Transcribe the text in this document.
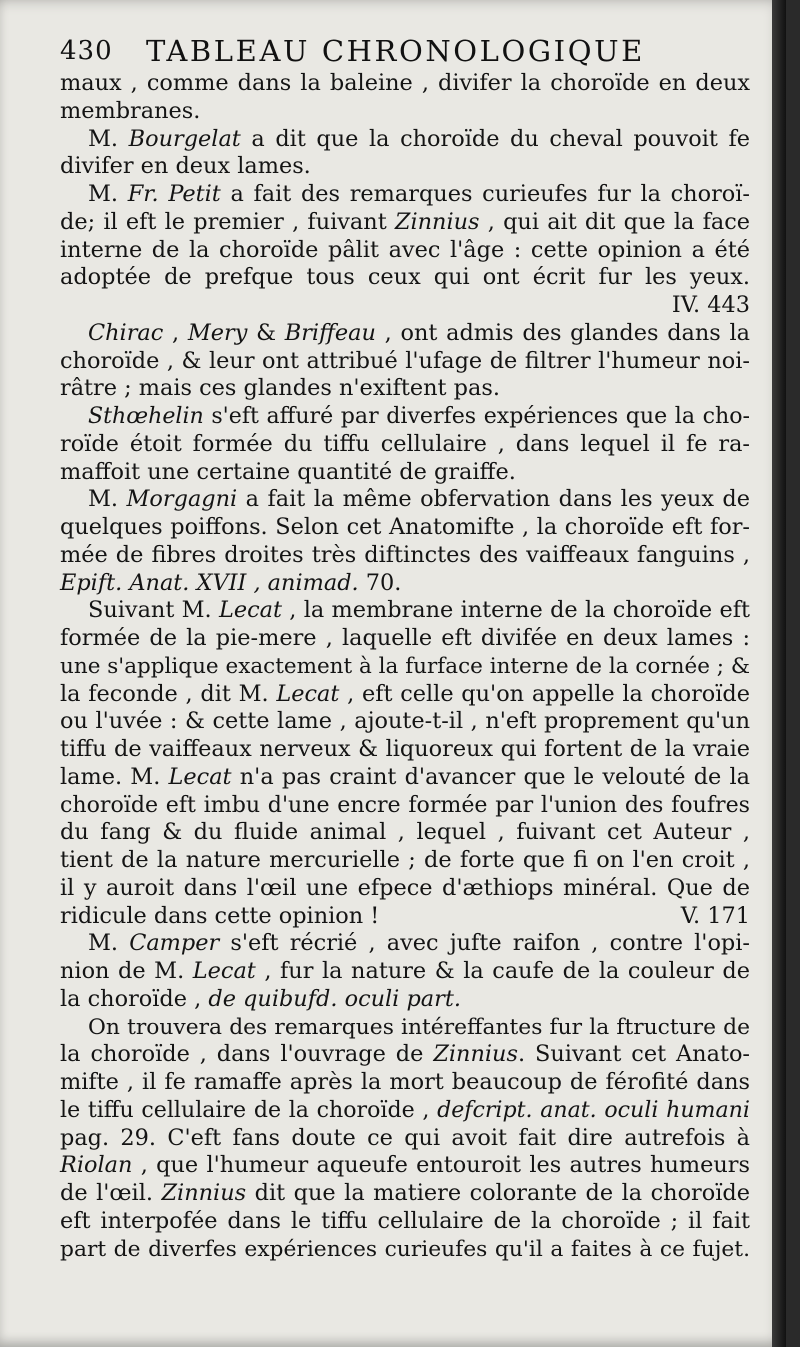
430 TABLEAU CHRONOLOGIQUE
maux , comme dans la baleine , divifer la choroïde en deux
membranes.
M. Bourgelat a dit que la choroïde du cheval pouvoit fe
divifer en deux lames.
M. Fr. Petit a fait des remarques curieufes fur la choroï-
de; il eft le premier , fuivant Zinnius , qui ait dit que la face
interne de la choroïde pâlit avec l'âge : cette opinion a été
adoptée de prefque tous ceux qui ont écrit fur les yeux.
IV. 443
Chirac , Mery & Briffeau , ont admis des glandes dans la
choroïde , & leur ont attribué l'ufage de filtrer l'humeur noi-
râtre ; mais ces glandes n'exiftent pas.
Sthœhelin s'eft affuré par diverfes expériences que la cho-
roïde étoit formée du tiffu cellulaire , dans lequel il fe ra-
maffoit une certaine quantité de graiffe.
M. Morgagni a fait la même obfervation dans les yeux de
quelques poiffons. Selon cet Anatomifte , la choroïde eft for-
mée de fibres droites très diftinctes des vaiffeaux fanguins ,
Epift. Anat. XVII , animad. 70.
Suivant M. Lecat , la membrane interne de la choroïde eft
formée de la pie-mere , laquelle eft divifée en deux lames :
une s'applique exactement à la furface interne de la cornée ; &
la feconde , dit M. Lecat , eft celle qu'on appelle la choroïde
ou l'uvée : & cette lame , ajoute-t-il , n'eft proprement qu'un
tiffu de vaiffeaux nerveux & liquoreux qui fortent de la vraie
lame. M. Lecat n'a pas craint d'avancer que le velouté de la
choroïde eft imbu d'une encre formée par l'union des foufres
du fang & du fluide animal , lequel , fuivant cet Auteur ,
tient de la nature mercurielle ; de forte que fi on l'en croit ,
il y auroit dans l'œil une efpece d'æthiops minéral. Que de
ridicule dans cette opinion !	V. 171
M. Camper s'eft récrié , avec jufte raifon , contre l'opi-
nion de M. Lecat , fur la nature & la caufe de la couleur de
la choroïde , de quibufd. oculi part.
On trouvera des remarques intéreffantes fur la ftructure de
la choroïde , dans l'ouvrage de Zinnius. Suivant cet Anato-
mifte , il fe ramaffe après la mort beaucoup de férofité dans
le tiffu cellulaire de la choroïde , defcript. anat. oculi humani
pag. 29. C'eft fans doute ce qui avoit fait dire autrefois à
Riolan , que l'humeur aqueufe entouroit les autres humeurs
de l'œil. Zinnius dit que la matiere colorante de la choroïde
eft interpofée dans le tiffu cellulaire de la choroïde ; il fait
part de diverfes expériences curieufes qu'il a faites à ce fujet.
